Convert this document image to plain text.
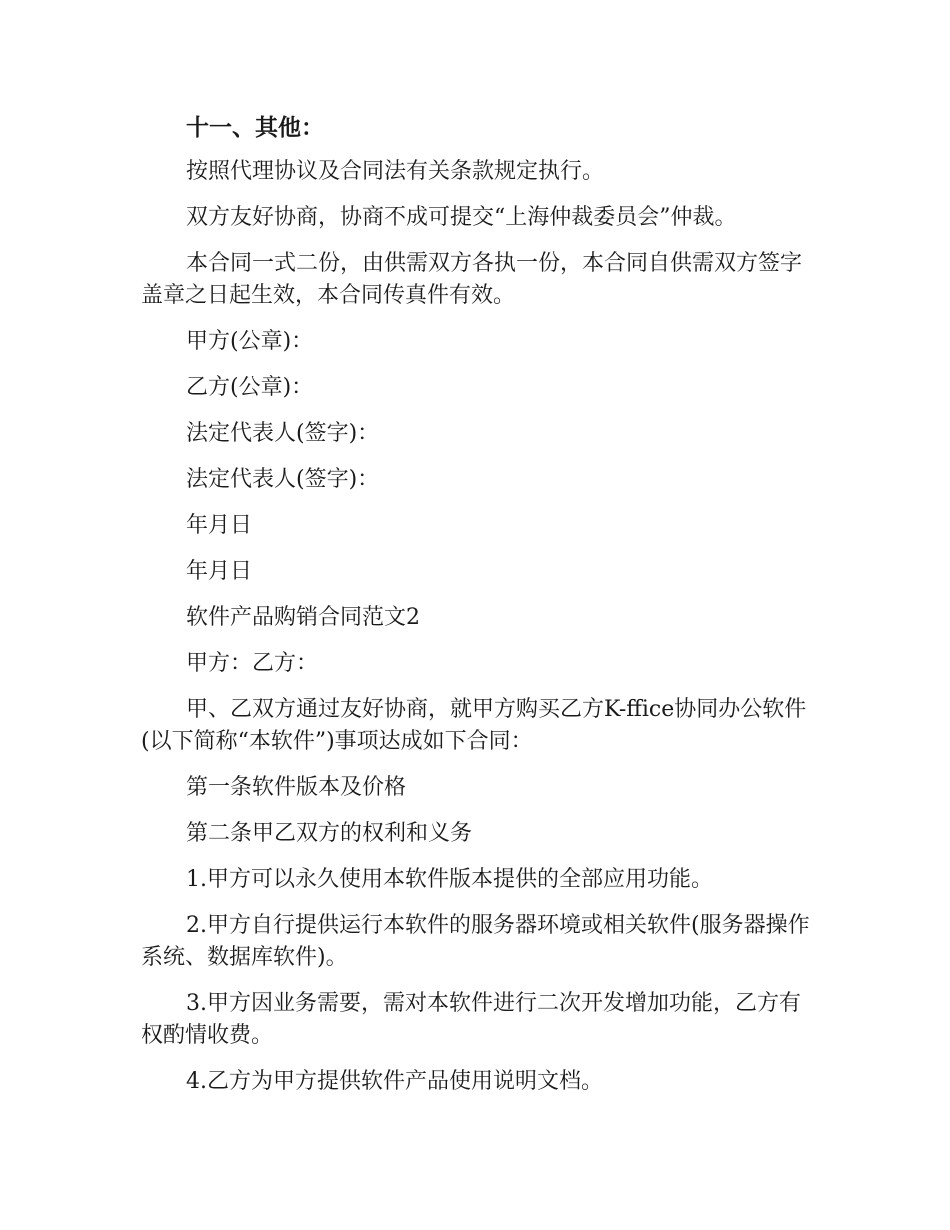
十一、其他：

按照代理协议及合同法有关条款规定执行。

双方友好协商，协商不成可提交“上海仲裁委员会”仲裁。

本合同一式二份，由供需双方各执一份，本合同自供需双方签字盖章之日起生效，本合同传真件有效。

甲方(公章)：

乙方(公章)：

法定代表人(签字)：

法定代表人(签字)：

年月日

年月日

软件产品购销合同范文2

甲方：乙方：

甲、乙双方通过友好协商，就甲方购买乙方K-ffice协同办公软件(以下简称“本软件”)事项达成如下合同：

第一条软件版本及价格

第二条甲乙双方的权利和义务

1.甲方可以永久使用本软件版本提供的全部应用功能。

2.甲方自行提供运行本软件的服务器环境或相关软件(服务器操作系统、数据库软件)。

3.甲方因业务需要，需对本软件进行二次开发增加功能，乙方有权酌情收费。

4.乙方为甲方提供软件产品使用说明文档。
